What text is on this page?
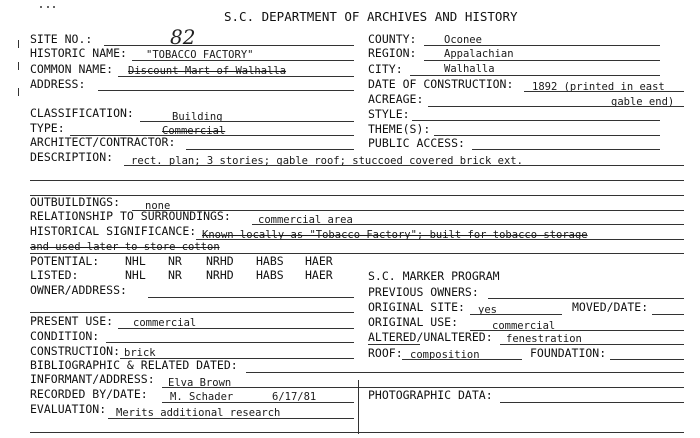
S.C. DEPARTMENT OF ARCHIVES AND HISTORY
SITE NO.:	82
HISTORIC NAME: "TOBACCO FACTORY"
COMMON NAME: Discount Mart of Walhalla
ADDRESS:
COUNTY:	Oconee
REGION:	Appalachian
CITY:	Walhalla
DATE OF CONSTRUCTION: 1892 (printed in east
ACREAGE:	gable end)
CLASSIFICATION:	Building	STYLE:
TYPE:	Commercial	THEME(S):
ARCHITECT/CONTRACTOR:	PUBLIC ACCESS:
DESCRIPTION: rect. plan; 3 stories; gable roof; stuccoed covered brick ext.
OUTBUILDINGS: none
RELATIONSHIP TO SURROUNDINGS:	commercial area
HISTORICAL SIGNIFICANCE: Known locally as "Tobacco Factory"; built for tobacco storage
and used later to store cotton
POTENTIAL: NHL NR NRHD HABS HAER
LISTED:	NHL NR NRHD HABS HAER	S.C. MARKER PROGRAM
OWNER/ADDRESS:	PREVIOUS OWNERS:
ORIGINAL SITE: yes	MOVED/DATE:
PRESENT USE: commercial	ORIGINAL USE:	commercial
CONDITION:	ALTERED/UNALTERED: fenestration
CONSTRUCTION: brick	ROOF: composition	FOUNDATION:
BIBLIOGRAPHIC & RELATED DATED:
INFORMANT/ADDRESS: Elva Brown
RECORDED BY/DATE: M. Schader	6/17/81	PHOTOGRAPHIC DATA:
EVALUATION: Merits additional research
